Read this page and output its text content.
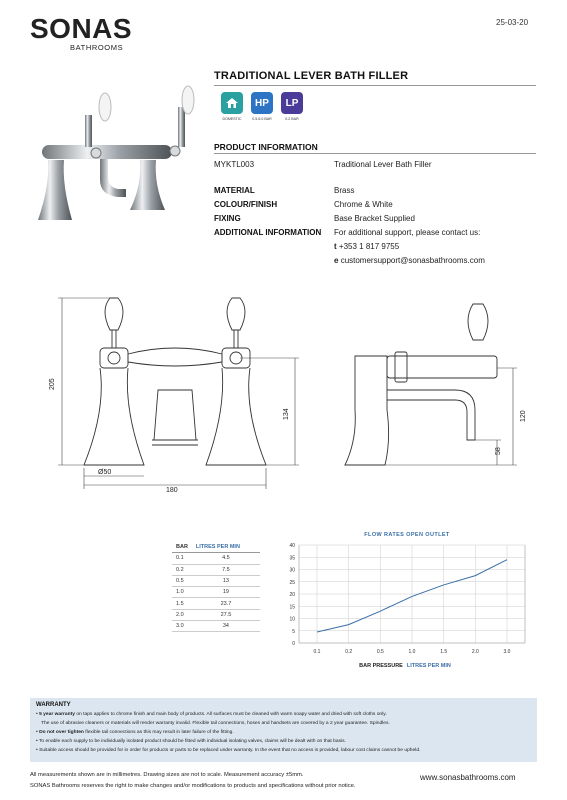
SONAS
BATHROOMS
25-03-20
TRADITIONAL LEVER BATH FILLER
HP	LP
DOMESTIC	0.5-5.0 BAR	0.2 BAR
PRODUCT INFORMATION
MYKTL003	Traditional Lever Bath Filler
MATERIAL	Brass
COLOUR/FINISH	Chrome & White
FIXING	Base Bracket Supplied
ADDITIONAL INFORMATION For additional support, please contact us:
t +353 1 817 9755
e customersupport@sonasbathrooms.com
205
134
Ø50
180
58
120
BAR	LITRES PER MIN
0.1	4.5
0.2	7.5
0.5	13
1.0	19
1.5	23.7
2.0	27.5
3.0	34
FLOW RATES OPEN OUTLET
0
5
10
15
20
25
30
35
40
0.1	0.2	0.5	1.0	1.5	2.0	3.0
BAR PRESSURE LITRES PER MIN
WARRANTY
• 5 year warranty on taps applies to chrome finish and main body of products. All surfaces must be cleaned with warm soapy water and dried with soft cloths only.
The use of abrasive cleaners or materials will render warranty invalid. Flexible tail connections, hoses and handsets are covered by a 2 year guarantee. Spindles.
• Do not over tighten flexible tail connections as this may result in later failure of the fitting.
• To enable each supply to be individually isolated product should be fitted with individual isolating valves, claims will be dealt with on that basis.
• Suitable access should be provided for in order for products or parts to be replaced under warranty. In the event that no access is provided, labour cost claims cannot be upheld.
All measurements shown are in millimetres. Drawing sizes are not to scale. Measurement accuracy ±5mm.
SONAS Bathrooms reserves the right to make changes and/or modifications to products and specifications without prior notice.
www.sonasbathrooms.com
